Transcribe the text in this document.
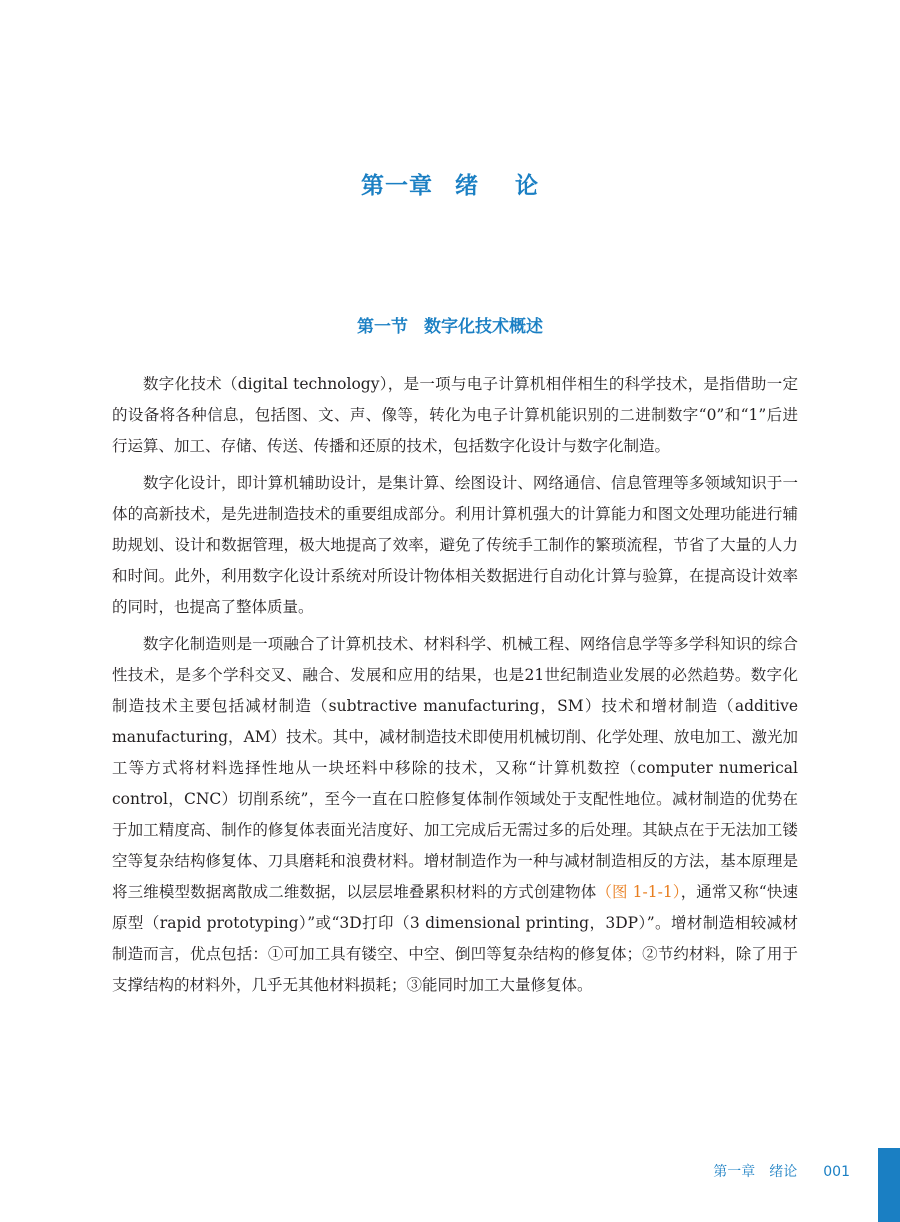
第一章 绪 论
第一节 数字化技术概述

数字化技术（digital technology），是一项与电子计算机相伴相生的科学技术，是指借助一定的设备将各种信息，包括图、文、声、像等，转化为电子计算机能识别的二进制数字“0”和“1”后进行运算、加工、存储、传送、传播和还原的技术，包括数字化设计与数字化制造。

数字化设计，即计算机辅助设计，是集计算、绘图设计、网络通信、信息管理等多领域知识于一体的高新技术，是先进制造技术的重要组成部分。利用计算机强大的计算能力和图文处理功能进行辅助规划、设计和数据管理，极大地提高了效率，避免了传统手工制作的繁琐流程，节省了大量的人力和时间。此外，利用数字化设计系统对所设计物体相关数据进行自动化计算与验算，在提高设计效率的同时，也提高了整体质量。

数字化制造则是一项融合了计算机技术、材料科学、机械工程、网络信息学等多学科知识的综合性技术，是多个学科交叉、融合、发展和应用的结果，也是21世纪制造业发展的必然趋势。数字化制造技术主要包括减材制造（subtractive manufacturing，SM）技术和增材制造（additive manufacturing，AM）技术。其中，减材制造技术即使用机械切削、化学处理、放电加工、激光加工等方式将材料选择性地从一块坯料中移除的技术，又称“计算机数控（computer numerical control，CNC）切削系统”，至今一直在口腔修复体制作领域处于支配性地位。减材制造的优势在于加工精度高、制作的修复体表面光洁度好、加工完成后无需过多的后处理。其缺点在于无法加工镂空等复杂结构修复体、刀具磨耗和浪费材料。增材制造作为一种与减材制造相反的方法，基本原理是将三维模型数据离散成二维数据，以层层堆叠累积材料的方式创建物体（图 1-1-1），通常又称“快速原型（rapid prototyping）”或“3D打印（3 dimensional printing，3DP）”。增材制造相较减材制造而言，优点包括：①可加工具有镂空、中空、倒凹等复杂结构的修复体；②节约材料，除了用于支撑结构的材料外，几乎无其他材料损耗；③能同时加工大量修复体。

第一章 绪论 001
